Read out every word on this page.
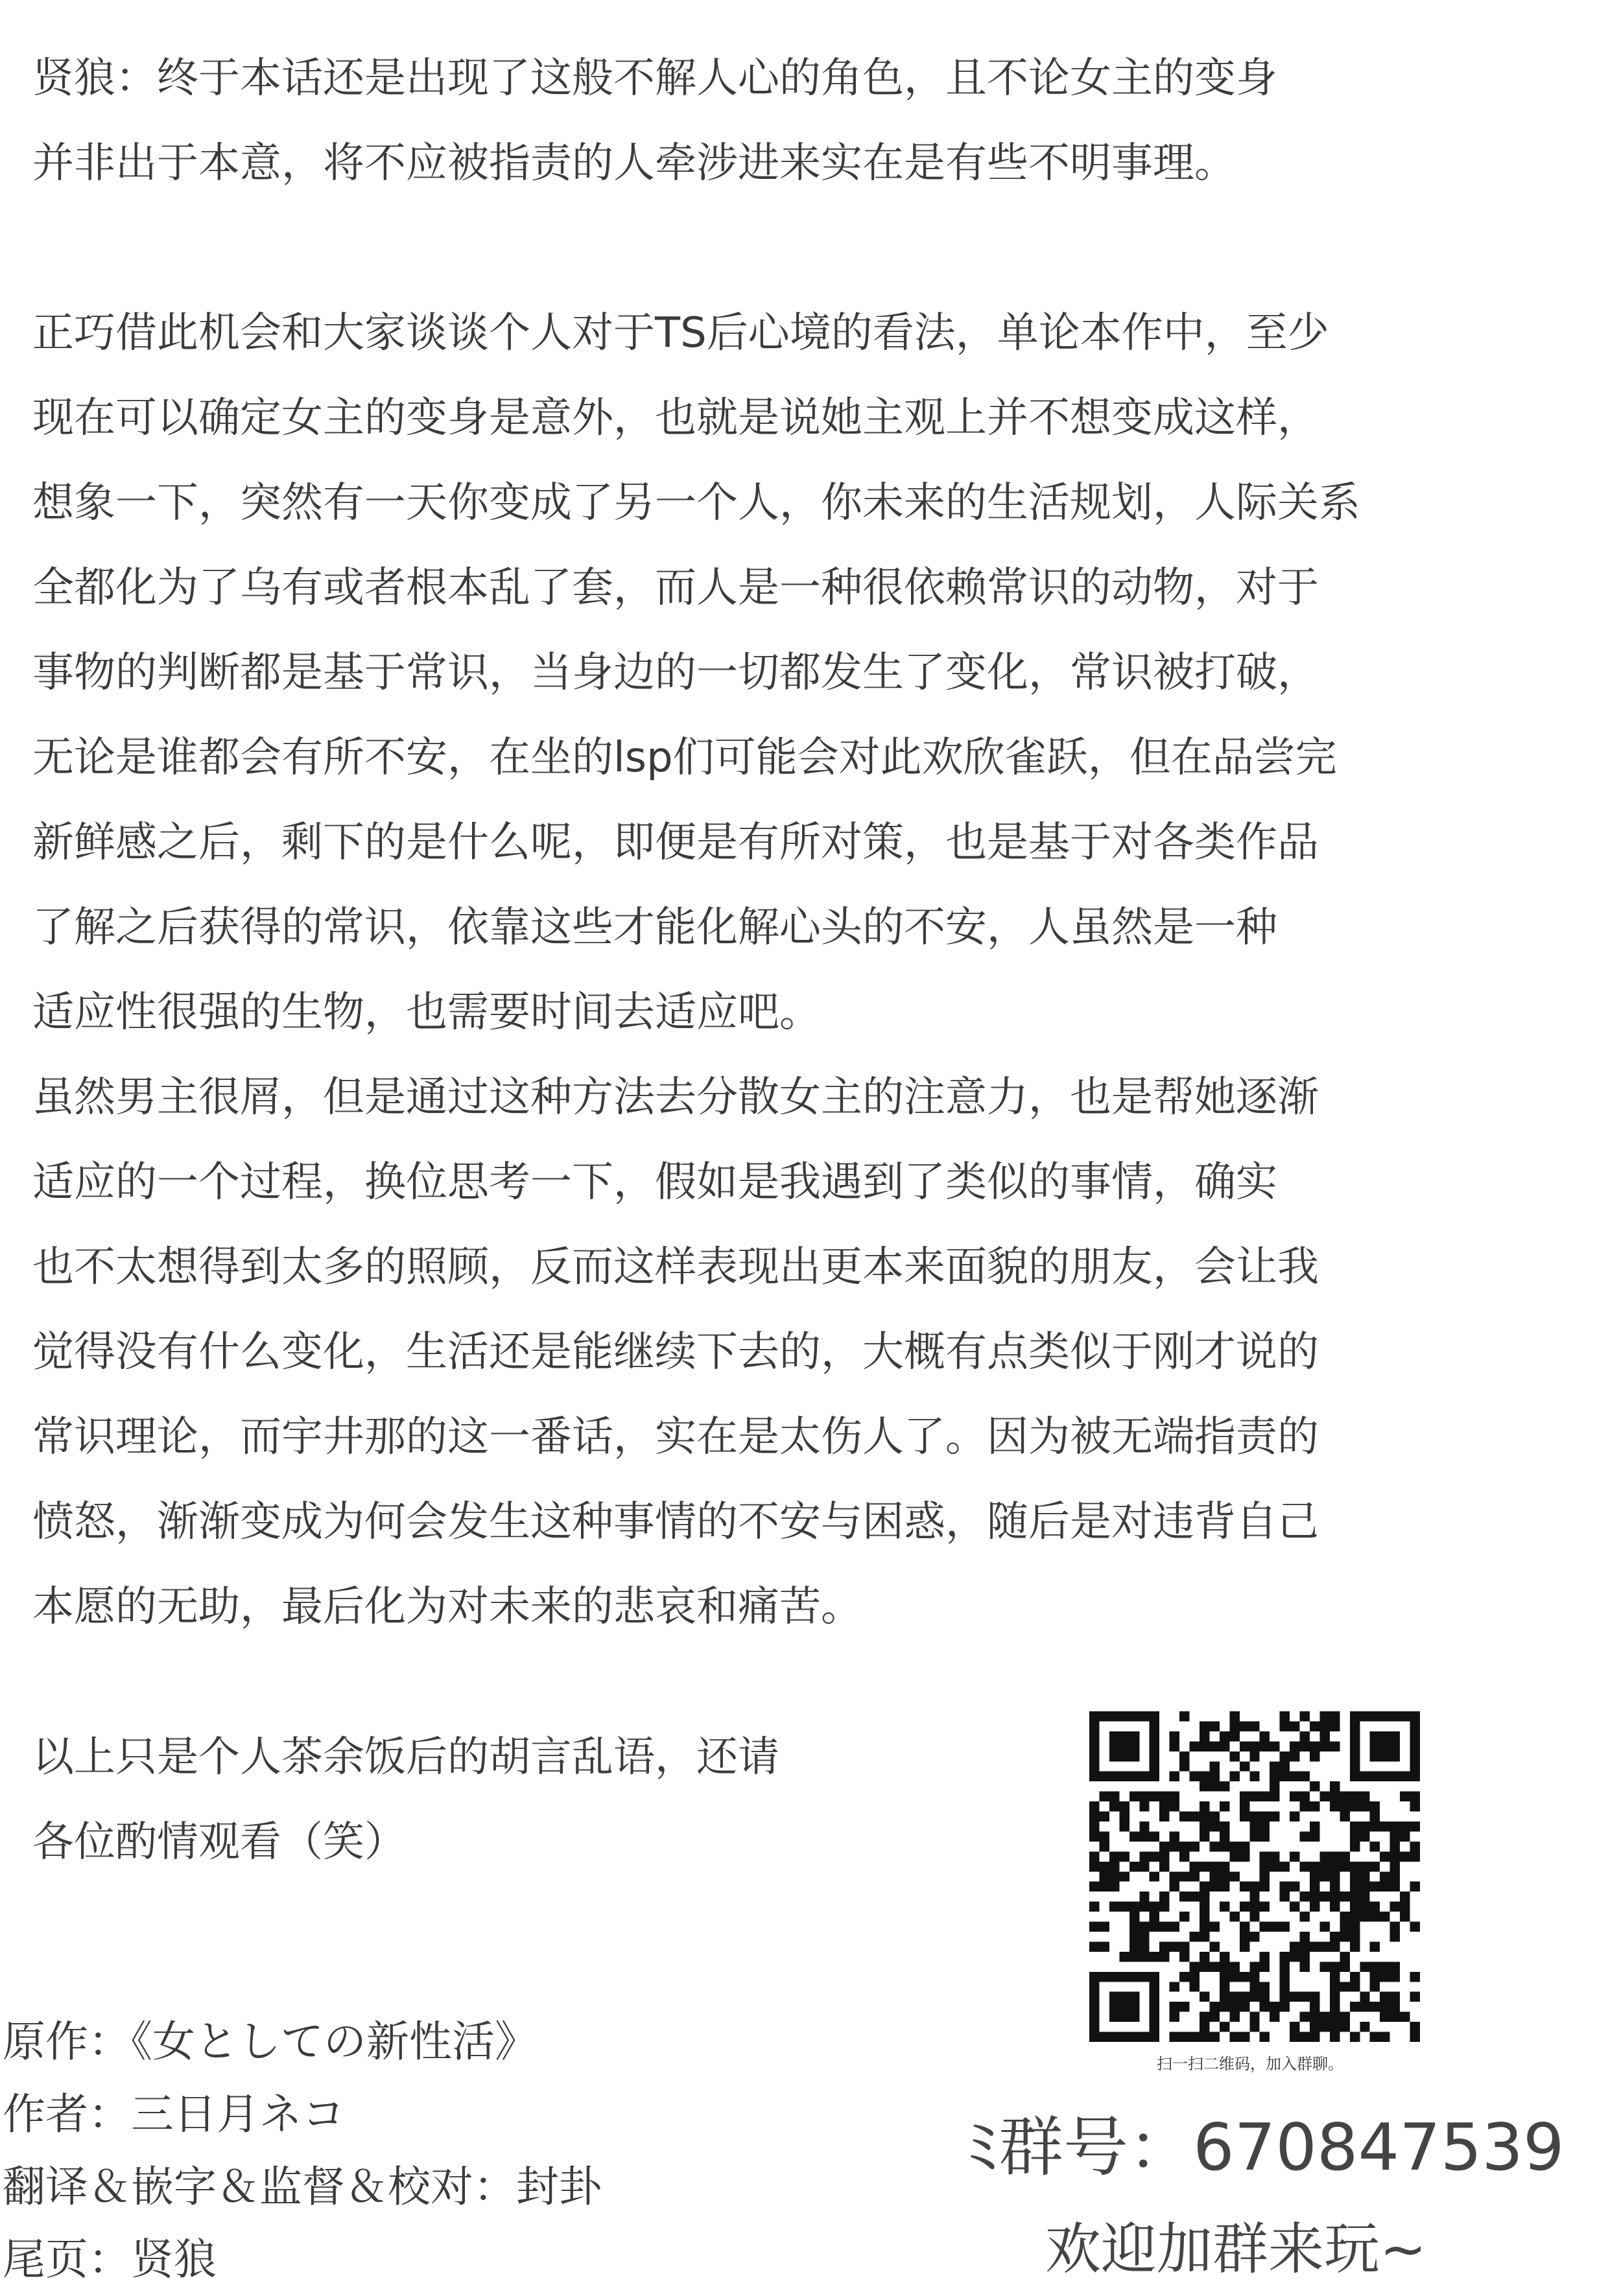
贤狼：终于本话还是出现了这般不解人心的角色，且不论女主的变身
并非出于本意，将不应被指责的人牵涉进来实在是有些不明事理。
正巧借此机会和大家谈谈个人对于TS后心境的看法，单论本作中，至少
现在可以确定女主的变身是意外，也就是说她主观上并不想变成这样，
想象一下，突然有一天你变成了另一个人，你未来的生活规划，人际关系
全都化为了乌有或者根本乱了套，而人是一种很依赖常识的动物，对于
事物的判断都是基于常识，当身边的一切都发生了变化，常识被打破，
无论是谁都会有所不安，在坐的lsp们可能会对此欢欣雀跃，但在品尝完
新鲜感之后，剩下的是什么呢，即便是有所对策，也是基于对各类作品
了解之后获得的常识，依靠这些才能化解心头的不安，人虽然是一种
适应性很强的生物，也需要时间去适应吧。
虽然男主很屑，但是通过这种方法去分散女主的注意力，也是帮她逐渐
适应的一个过程，换位思考一下，假如是我遇到了类似的事情，确实
也不太想得到太多的照顾，反而这样表现出更本来面貌的朋友，会让我
觉得没有什么变化，生活还是能继续下去的，大概有点类似于刚才说的
常识理论，而宇井那的这一番话，实在是太伤人了。因为被无端指责的
愤怒，渐渐变成为何会发生这种事情的不安与困惑，随后是对违背自己
本愿的无助，最后化为对未来的悲哀和痛苦。
以上只是个人茶余饭后的胡言乱语，还请
各位酌情观看（笑）
原作：《女としての新性活》
作者：三日月ネコ
翻译＆嵌字＆监督＆校对：封卦
尾页：贤狼
扫一扫二维码，加入群聊。
ﾐ群号：670847539
欢迎加群来玩~
